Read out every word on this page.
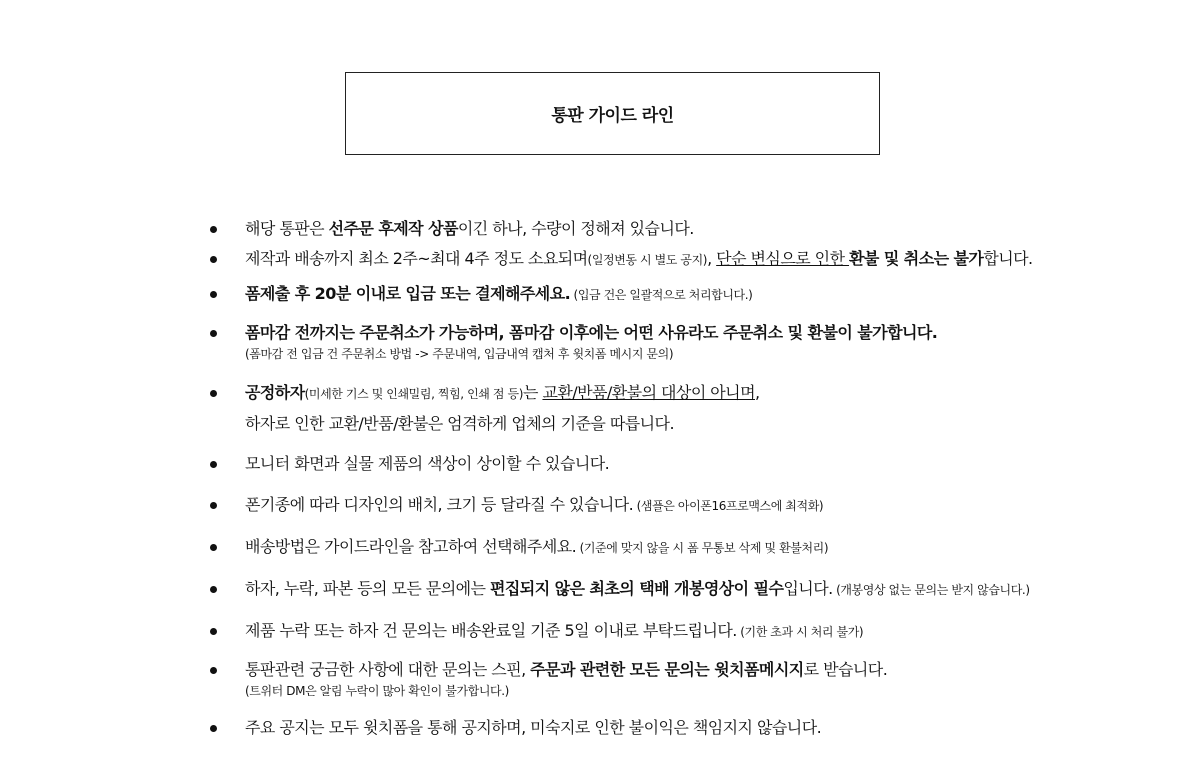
통판 가이드 라인
해당 통판은 선주문 후제작 상품이긴 하나, 수량이 정해져 있습니다.
제작과 배송까지 최소 2주~최대 4주 정도 소요되며(일정변동 시 별도 공지), 단순 변심으로 인한 환불 및 취소는 불가합니다.
폼제출 후 20분 이내로 입금 또는 결제해주세요. (입금 건은 일괄적으로 처리합니다.)
폼마감 전까지는 주문취소가 가능하며, 폼마감 이후에는 어떤 사유라도 주문취소 및 환불이 불가합니다.
(폼마감 전 입금 건 주문취소 방법 -> 주문내역, 입금내역 캡처 후 윗치폼 메시지 문의)
공정하자(미세한 기스 및 인쇄밀림, 찍힘, 인쇄 점 등)는 교환/반품/환불의 대상이 아니며,
하자로 인한 교환/반품/환불은 엄격하게 업체의 기준을 따릅니다.
모니터 화면과 실물 제품의 색상이 상이할 수 있습니다.
폰기종에 따라 디자인의 배치, 크기 등 달라질 수 있습니다. (샘플은 아이폰16프로맥스에 최적화)
배송방법은 가이드라인을 참고하여 선택해주세요. (기준에 맞지 않을 시 폼 무통보 삭제 및 환불처리)
하자, 누락, 파본 등의 모든 문의에는 편집되지 않은 최초의 택배 개봉영상이 필수입니다. (개봉영상 없는 문의는 받지 않습니다.)
제품 누락 또는 하자 건 문의는 배송완료일 기준 5일 이내로 부탁드립니다. (기한 초과 시 처리 불가)
통판관련 궁금한 사항에 대한 문의는 스핀, 주문과 관련한 모든 문의는 윗치폼메시지로 받습니다.
(트위터 DM은 알림 누락이 많아 확인이 불가합니다.)
주요 공지는 모두 윗치폼을 통해 공지하며, 미숙지로 인한 불이익은 책임지지 않습니다.
